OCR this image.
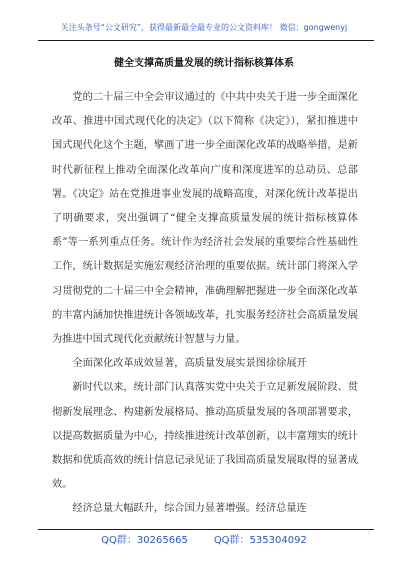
关注头条号“公文研究”，获得最新最全最专业的公文资料库！ 微信：gongwenyj
健全支撑高质量发展的统计指标核算体系

党的二十届三中全会审议通过的《中共中央关于进一步全面深化改革、推进中国式现代化的决定》（以下简称《决定》），紧扣推进中国式现代化这个主题，擘画了进一步全面深化改革的战略举措，是新时代新征程上推动全面深化改革向广度和深度进军的总动员、总部署。《决定》站在党推进事业发展的战略高度，对深化统计改革提出了明确要求，突出强调了“健全支撑高质量发展的统计指标核算体系”等一系列重点任务。统计作为经济社会发展的重要综合性基础性工作，统计数据是实施宏观经济治理的重要依据。统计部门将深入学习贯彻党的二十届三中全会精神，准确理解把握进一步全面深化改革的丰富内涵加快推进统计各领域改革，扎实服务经济社会高质量发展为推进中国式现代化贡献统计智慧与力量。

全面深化改革成效显著，高质量发展实景图徐徐展开

新时代以来，统计部门认真落实党中央关于立足新发展阶段、贯彻新发展理念、构建新发展格局、推动高质量发展的各项部署要求，以提高数据质量为中心，持续推进统计改革创新，以丰富翔实的统计数据和优质高效的统计信息记录见证了我国高质量发展取得的显著成效。

经济总量大幅跃升，综合国力显著增强。经济总量连

QQ群：30265665	QQ群：535304092
